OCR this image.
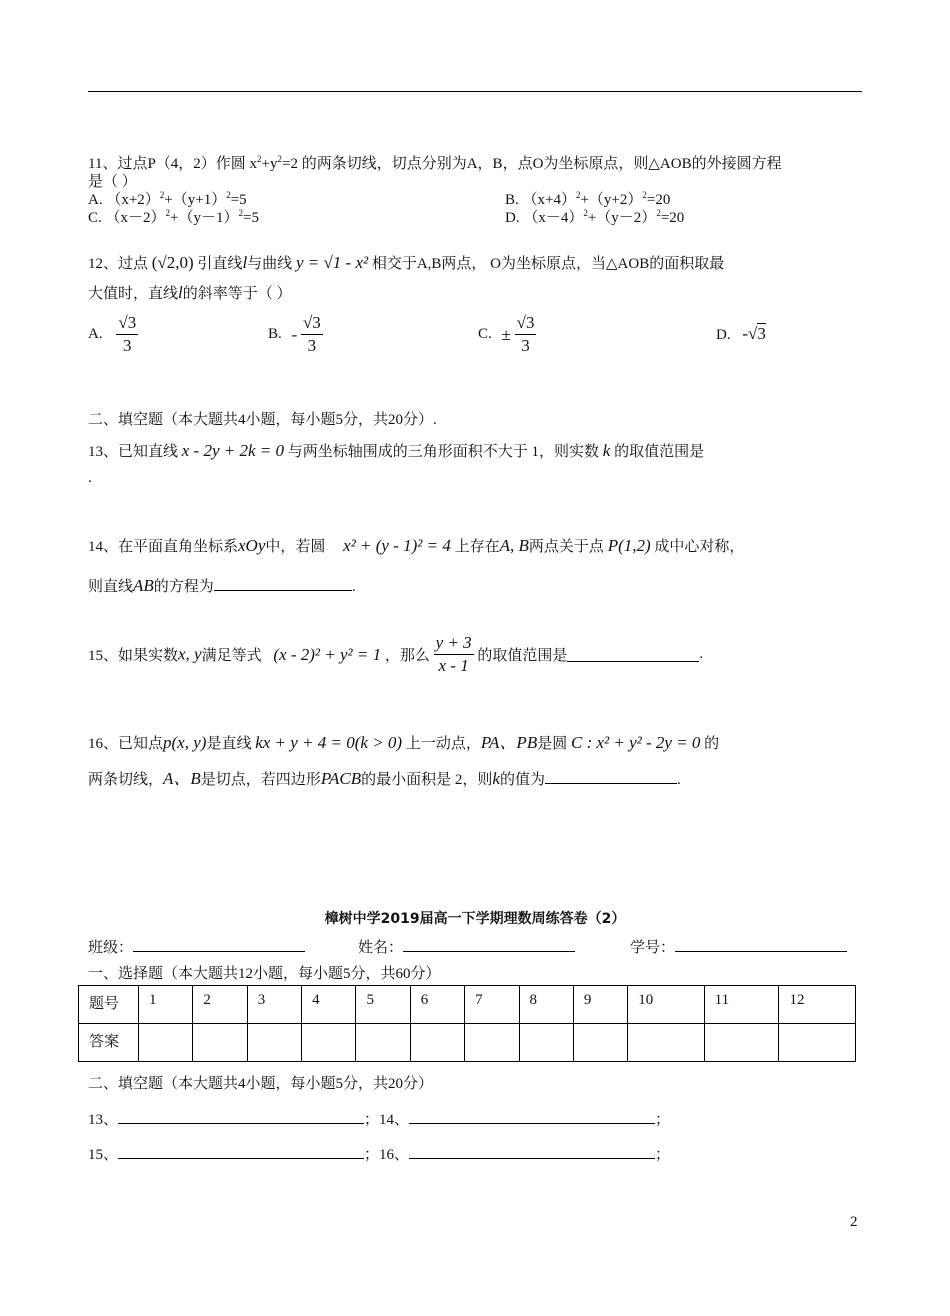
11、过点P（4，2）作圆 $x^2+y^2=2$ 的两条切线，切点分别为A，B，点O为坐标原点，则△AOB的外接圆方程
是（ ）
A. $(x+2)^2+(y+1)^2=5$	B. $(x+4)^2+(y+2)^2=20$
C. $(x-2)^2+(y-1)^2=5$	D. $(x-4)^2+(y-2)^2=20$
12、过点 (√2,0) 引直线l与曲线 y = √1 - x² 相交于A,B两点， O为坐标原点，当△AOB的面积取最
大值时，直线l的斜率等于（ ）
A. $\frac{√3}{3}$	B. - $\frac{√3}{3}$	C. ± $\frac{√3}{3}$	D. -√3
二、填空题（本大题共4小题，每小题5分，共20分）.
13、已知直线 x - 2y + 2k = 0 与两坐标轴围成的三角形面积不大于 1，则实数 k 的取值范围是
.
14、在平面直角坐标系xOy中，若圆 x² + (y - 1)² = 4 上存在A, B两点关于点 P(1,2) 成中心对称，
则直线AB的方程为	.
15、如果实数x, y满足等式 (x - 2)² + y² = 1 ，那么 $\frac{y + 3}{x - 1}$ 的取值范围是	.
16、已知点p(x, y)是直线 kx + y + 4 = 0(k > 0) 上一动点，PA、PB是圆 C : x² + y² - 2y = 0 的
两条切线，A、B是切点，若四边形PACB的最小面积是 2，则k的值为	.
樟树中学2019届高一下学期理数周练答卷（2）
班级：	姓名：	学号：
一、选择题（本大题共12小题，每小题5分，共60分）
题号	1	2	3	4	5	6	7	8	9	10	11	12
答案												
二、填空题（本大题共4小题，每小题5分，共20分）
13、	；14、	；
15、	；16、	；
2
